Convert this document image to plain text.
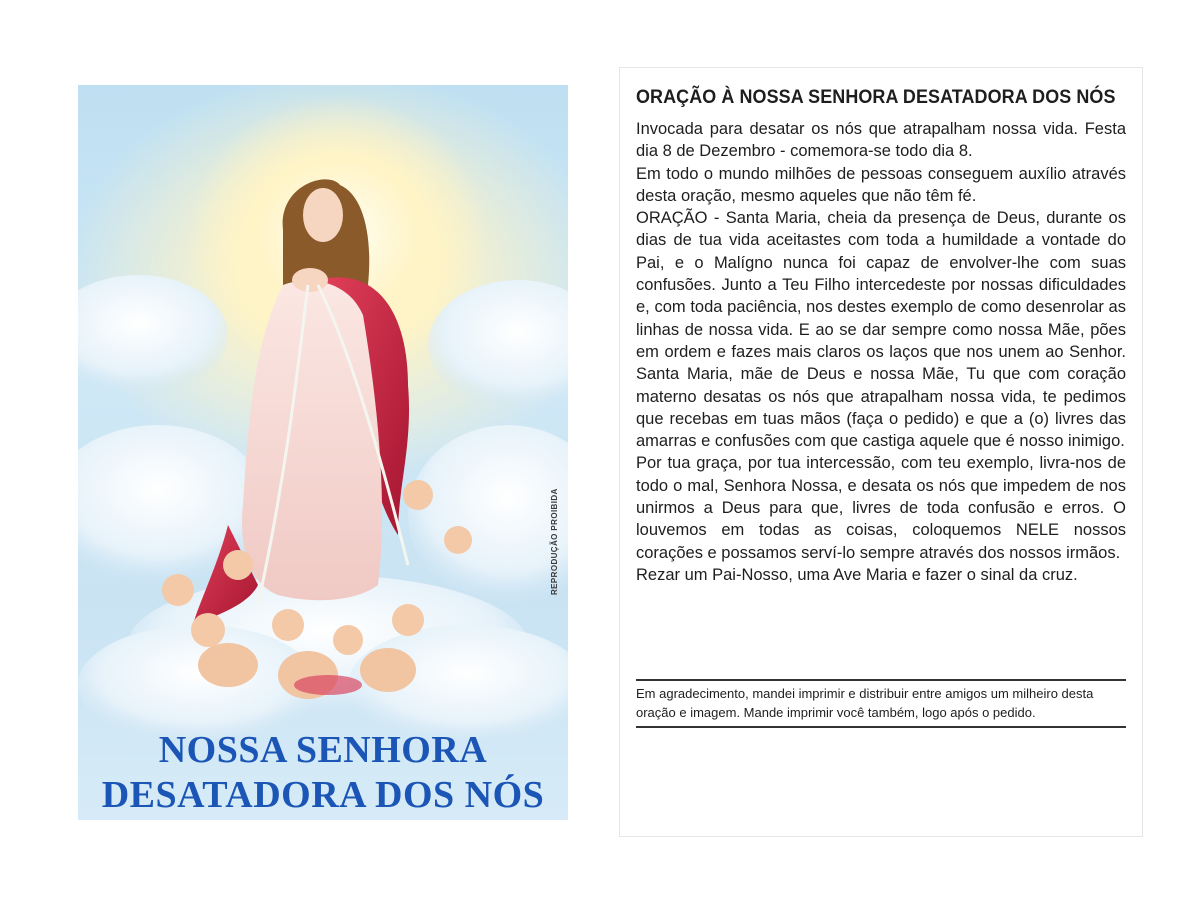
NOSSA SENHORA
DESATADORA DOS NÓS
REPRODUÇÃO PROIBIDA
ORAÇÃO À NOSSA SENHORA DESATADORA DOS NÓS

Invocada para desatar os nós que atrapalham nossa vida. Festa dia 8 de Dezembro - comemora-se todo dia 8.

Em todo o mundo milhões de pessoas conseguem auxílio através desta oração, mesmo aqueles que não têm fé.

ORAÇÃO - Santa Maria, cheia da presença de Deus, durante os dias de tua vida aceitastes com toda a humildade a vontade do Pai, e o Malígno nunca foi capaz de envolver-lhe com suas confusões. Junto a Teu Filho intercedeste por nossas dificuldades e, com toda paciência, nos destes exemplo de como desenrolar as linhas de nossa vida. E ao se dar sempre como nossa Mãe, pões em ordem e fazes mais claros os laços que nos unem ao Senhor. Santa Maria, mãe de Deus e nossa Mãe, Tu que com coração materno desatas os nós que atrapalham nossa vida, te pedimos que recebas em tuas mãos (faça o pedido) e que a (o) livres das amarras e confusões com que castiga aquele que é nosso inimigo.

Por tua graça, por tua intercessão, com teu exemplo, livra-nos de todo o mal, Senhora Nossa, e desata os nós que impedem de nos unirmos a Deus para que, livres de toda confusão e erros. O louvemos em todas as coisas, coloquemos NELE nossos corações e possamos serví-lo sempre através dos nossos irmãos.

Rezar um Pai-Nosso, uma Ave Maria e fazer o sinal da cruz.

Em agradecimento, mandei imprimir e distribuir entre amigos um milheiro desta oração e imagem. Mande imprimir você também, logo após o pedido.
